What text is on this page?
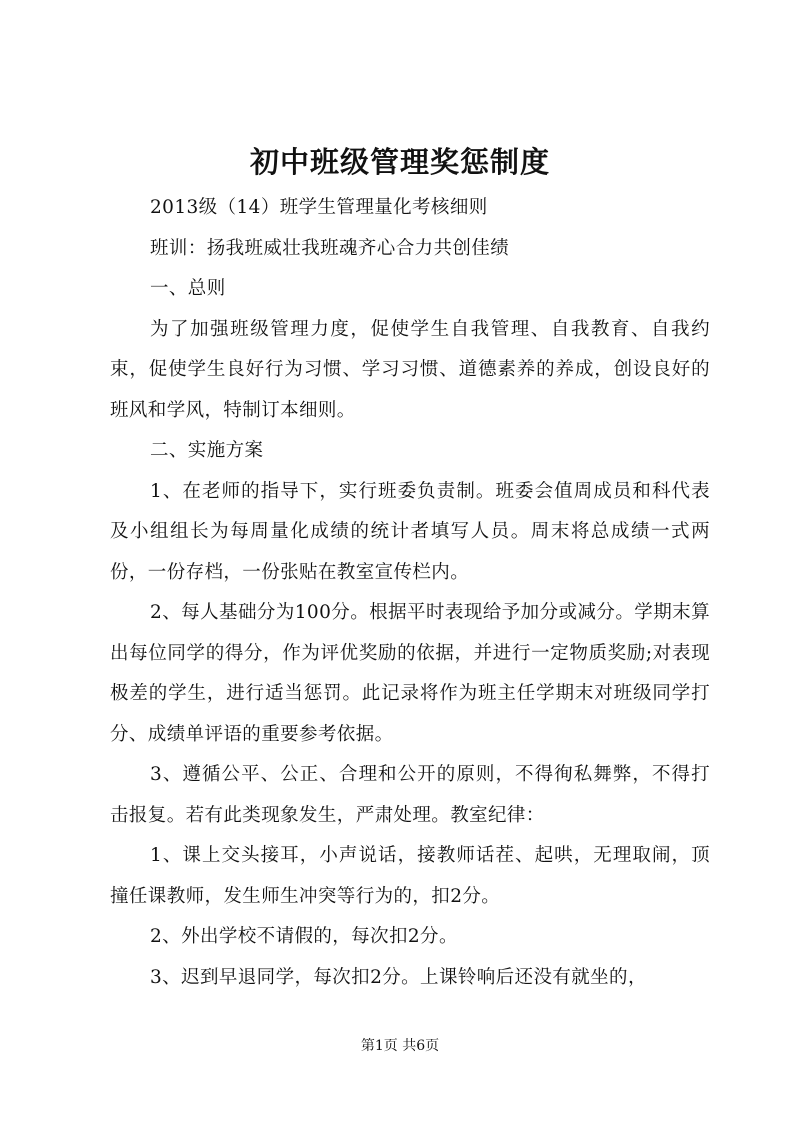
初中班级管理奖惩制度

2013级（14）班学生管理量化考核细则

班训：扬我班威壮我班魂齐心合力共创佳绩

一、总则

为了加强班级管理力度，促使学生自我管理、自我教育、自我约束，促使学生良好行为习惯、学习习惯、道德素养的养成，创设良好的班风和学风，特制订本细则。

二、实施方案

1、在老师的指导下，实行班委负责制。班委会值周成员和科代表及小组组长为每周量化成绩的统计者填写人员。周末将总成绩一式两份，一份存档，一份张贴在教室宣传栏内。

2、每人基础分为100分。根据平时表现给予加分或减分。学期末算出每位同学的得分，作为评优奖励的依据，并进行一定物质奖励;对表现极差的学生，进行适当惩罚。此记录将作为班主任学期末对班级同学打分、成绩单评语的重要参考依据。

3、遵循公平、公正、合理和公开的原则，不得徇私舞弊，不得打击报复。若有此类现象发生，严肃处理。教室纪律：

1、课上交头接耳，小声说话，接教师话茬、起哄，无理取闹，顶撞任课教师，发生师生冲突等行为的，扣2分。

2、外出学校不请假的，每次扣2分。

3、迟到早退同学，每次扣2分。上课铃响后还没有就坐的，

第1页 共6页
